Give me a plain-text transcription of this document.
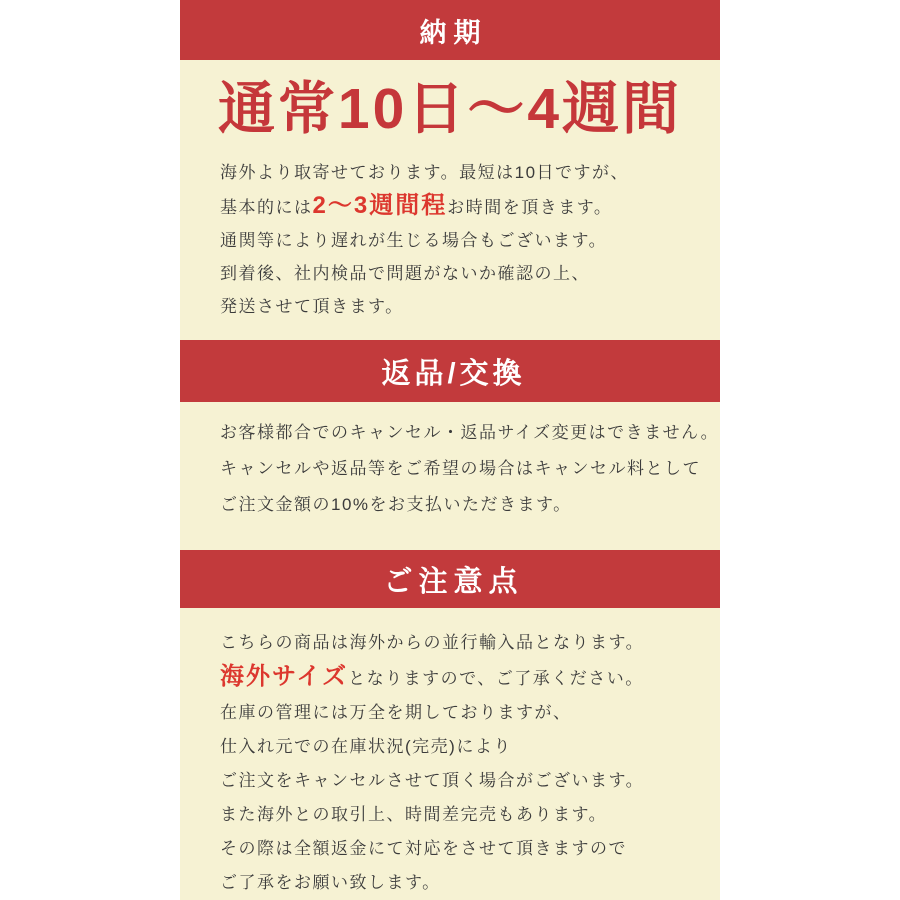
納期
通常10日～4週間

海外より取寄せております。最短は10日ですが、

基本的には2～3週間程お時間を頂きます。

通関等により遅れが生じる場合もございます。

到着後、社内検品で問題がないか確認の上、

発送させて頂きます。

返品/交換

お客様都合でのキャンセル・返品サイズ変更はできません。

キャンセルや返品等をご希望の場合はキャンセル料として

ご注文金額の10%をお支払いただきます。

ご注意点

こちらの商品は海外からの並行輸入品となります。

海外サイズとなりますので、ご了承ください。

在庫の管理には万全を期しておりますが、

仕入れ元での在庫状況(完売)により

ご注文をキャンセルさせて頂く場合がございます。

また海外との取引上、時間差完売もあります。

その際は全額返金にて対応をさせて頂きますので

ご了承をお願い致します。
